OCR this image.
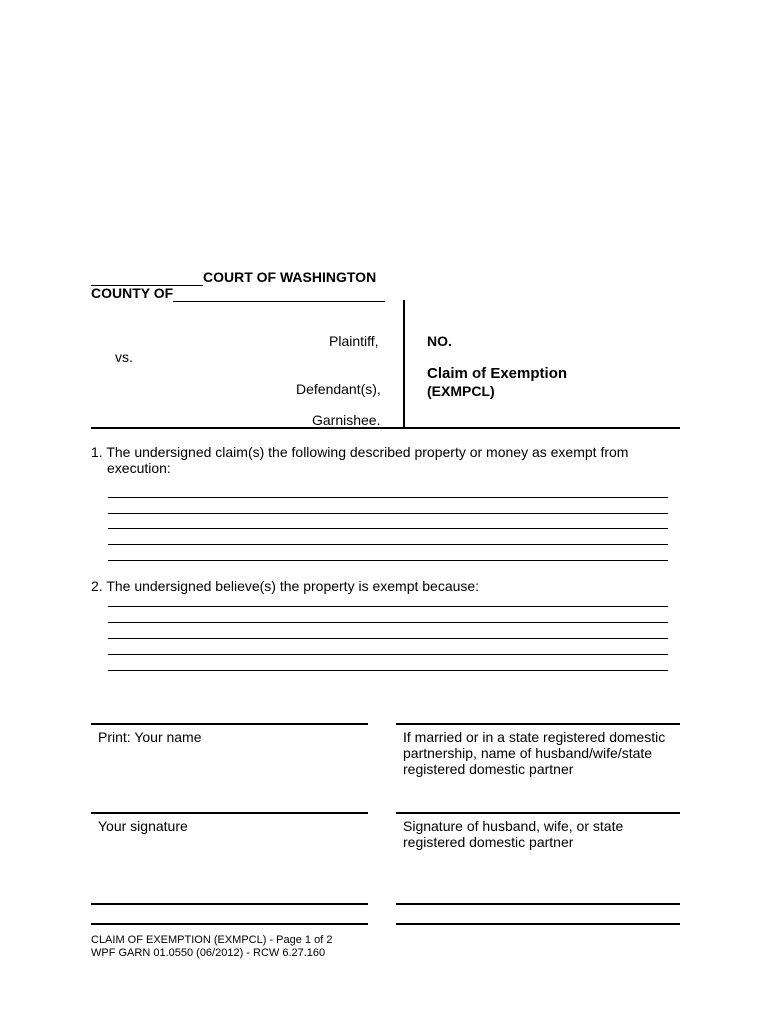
COURT OF WASHINGTON
COUNTY OF
Plaintiff,
vs.
Defendant(s),
Garnishee.
NO.
Claim of Exemption
(EXMPCL)
1. The undersigned claim(s) the following described property or money as exempt from
execution:
2. The undersigned believe(s) the property is exempt because:
Print: Your name	If married or in a state registered domestic
partnership, name of husband/wife/state
registered domestic partner
Your signature	Signature of husband, wife, or state
registered domestic partner
CLAIM OF EXEMPTION (EXMPCL) - Page 1 of 2
WPF GARN 01.0550 (06/2012) - RCW 6.27.160
